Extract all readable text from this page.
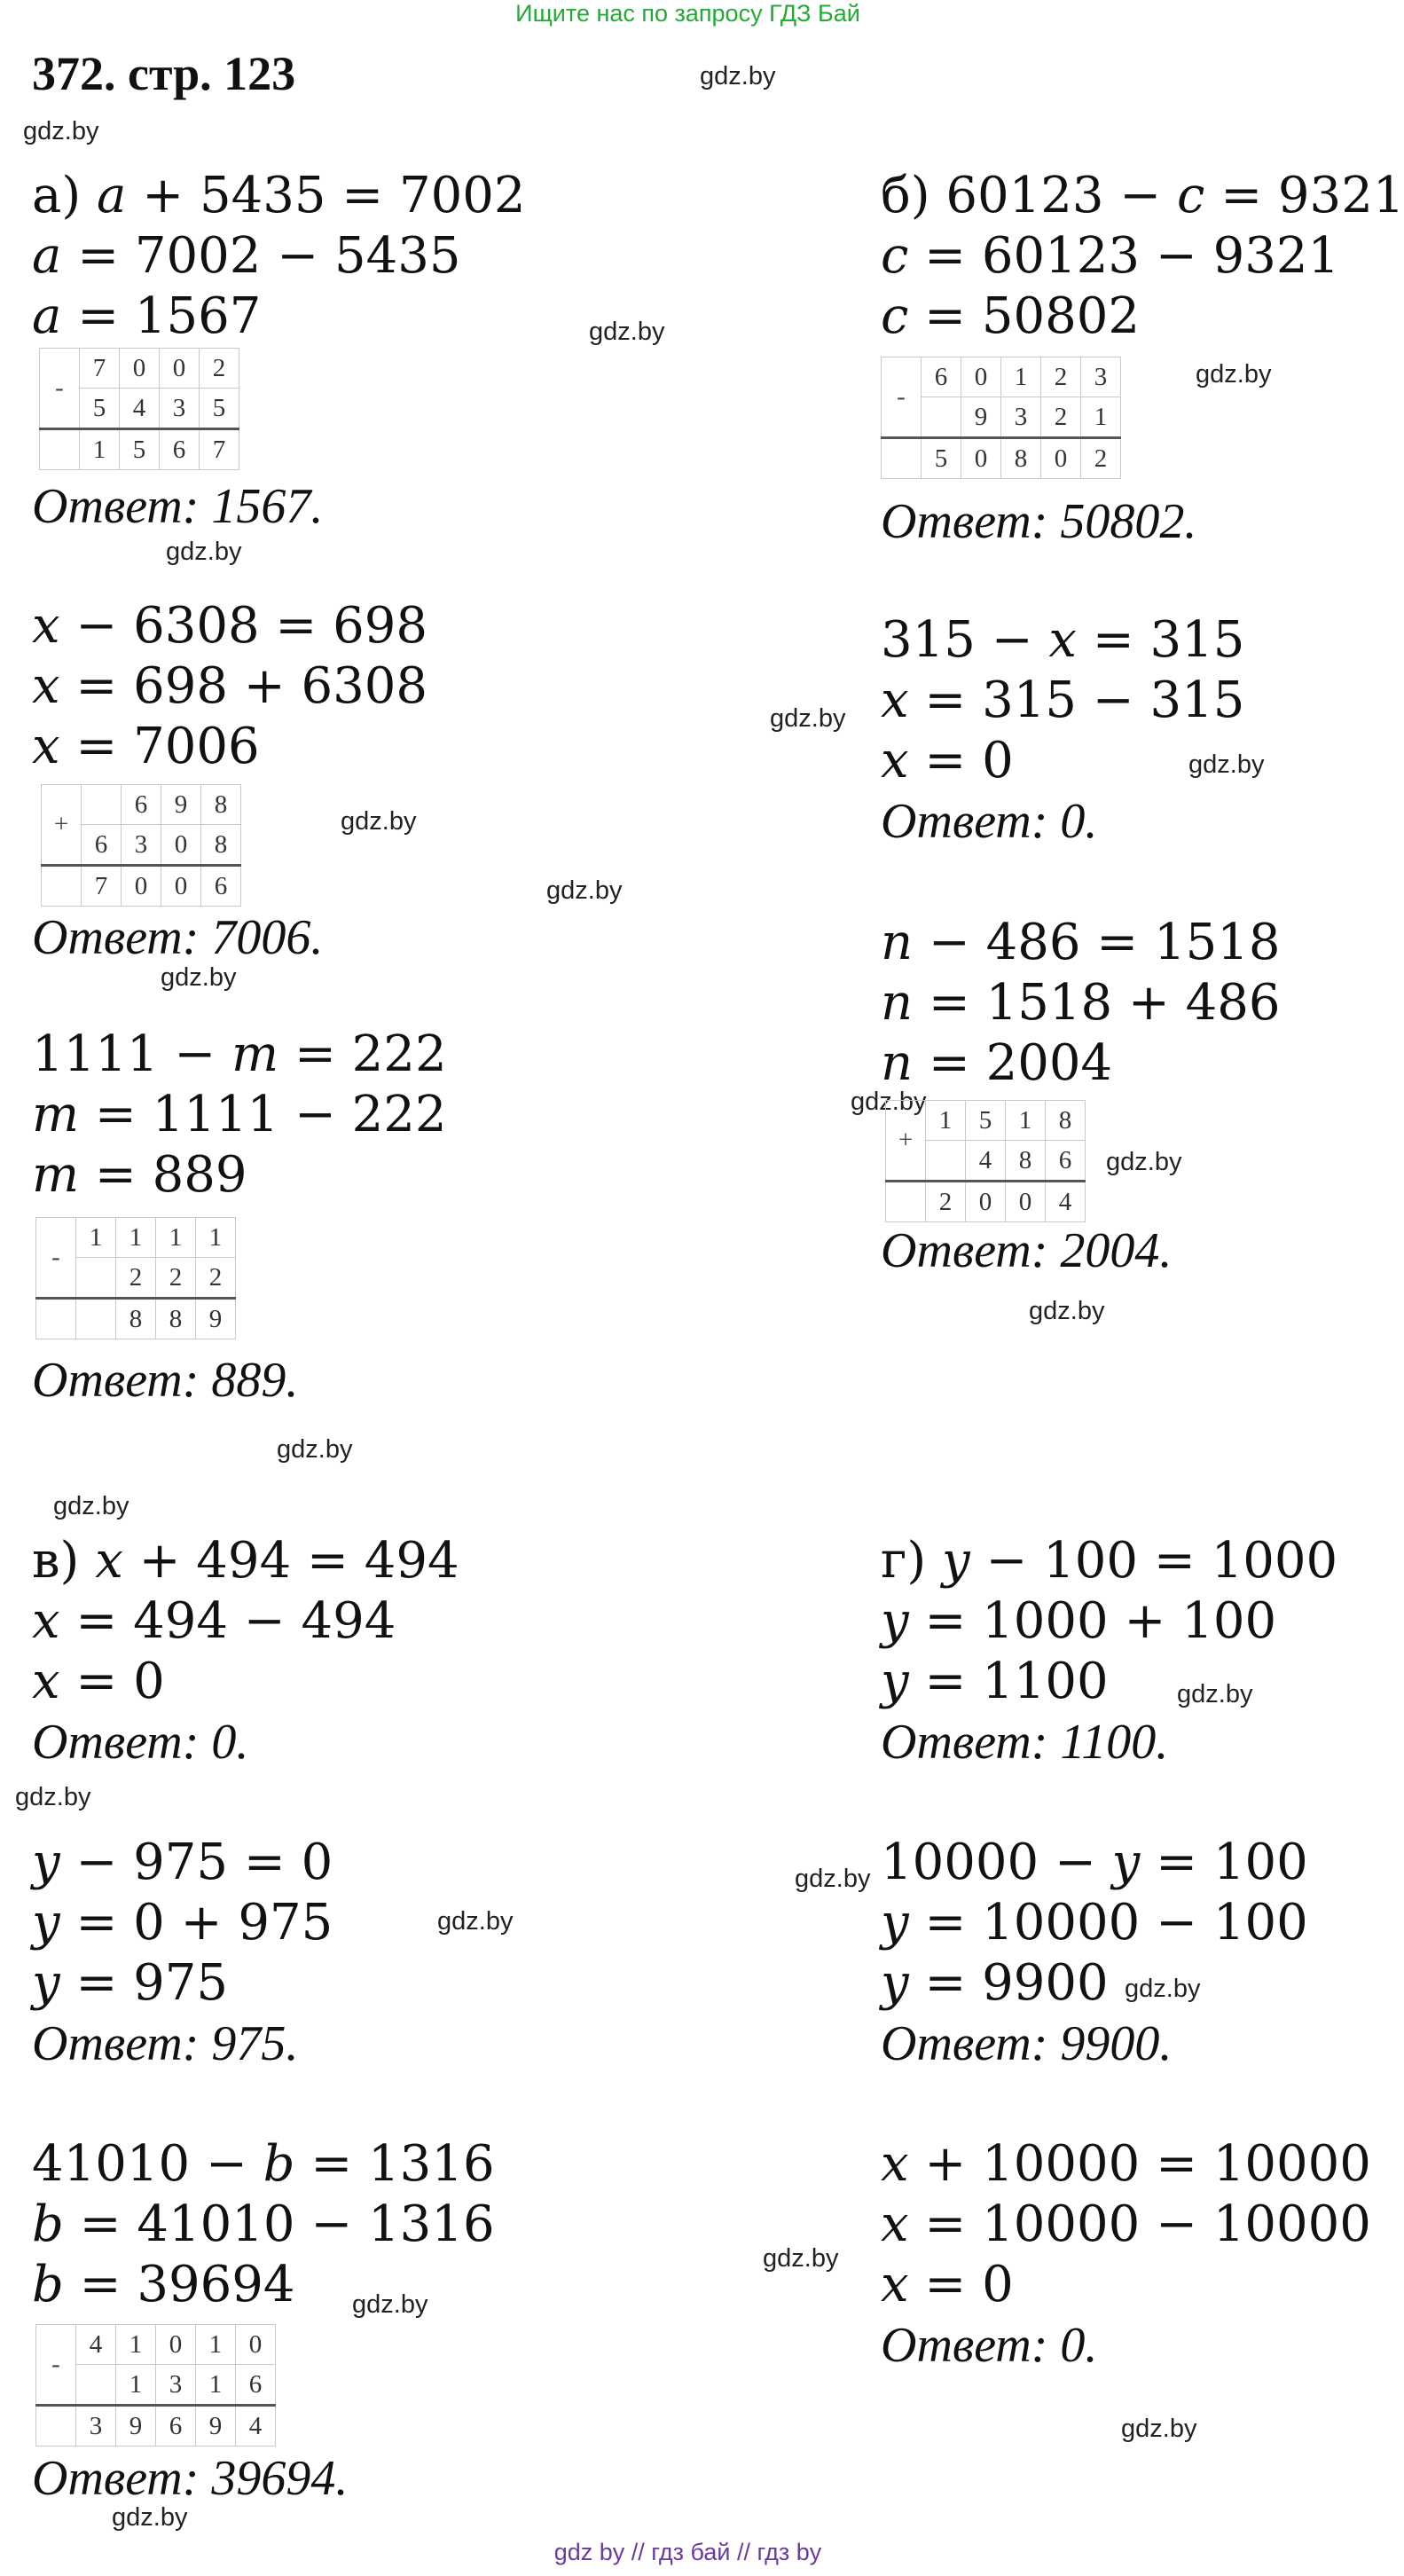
Ищите нас по запросу ГДЗ Бай
372. стр. 123	gdz.by
gdz.by
gdz.by
gdz.by
gdz.by
gdz.by
gdz.by
gdz.by
gdz.by
gdz.by
gdz.by
gdz.by
gdz.by
gdz.by
gdz.by
gdz.by
gdz.by
gdz.by
gdz.by
gdz.by
gdz.by
gdz.by
gdz.by
gdz.by
а) a + 5435 = 7002
a = 7002 − 5435
a = 1567
-	7	0	0	2
	5	4	3	5
	1	5	6	7
Ответ: 1567.
x − 6308 = 698
x = 698 + 6308
x = 7006
+		6	9	8
	6	3	0	8
	7	0	0	6
Ответ: 7006.
1111 − m = 222
m = 1111 − 222
m = 889
-	1	1	1	1
		2	2	2
		8	8	9
Ответ: 889.
б) 60123 − c = 9321
c = 60123 − 9321
c = 50802
-	6	0	1	2	3
		9	3	2	1
	5	0	8	0	2
Ответ: 50802.
315 − x = 315
x = 315 − 315
x = 0
Ответ: 0.
n − 486 = 1518
n = 1518 + 486
n = 2004
+	1	5	1	8
		4	8	6
	2	0	0	4
Ответ: 2004.
в) x + 494 = 494
x = 494 − 494
x = 0
Ответ: 0.
y − 975 = 0
y = 0 + 975
y = 975
Ответ: 975.
41010 − b = 1316
b = 41010 − 1316
b = 39694
-	4	1	0	1	0
		1	3	1	6
	3	9	6	9	4
Ответ: 39694.
г) y − 100 = 1000
y = 1000 + 100
y = 1100
Ответ: 1100.
10000 − y = 100
y = 10000 − 100
y = 9900
Ответ: 9900.
x + 10000 = 10000
x = 10000 − 10000
x = 0
Ответ: 0.
gdz by // гдз бай // гдз by
